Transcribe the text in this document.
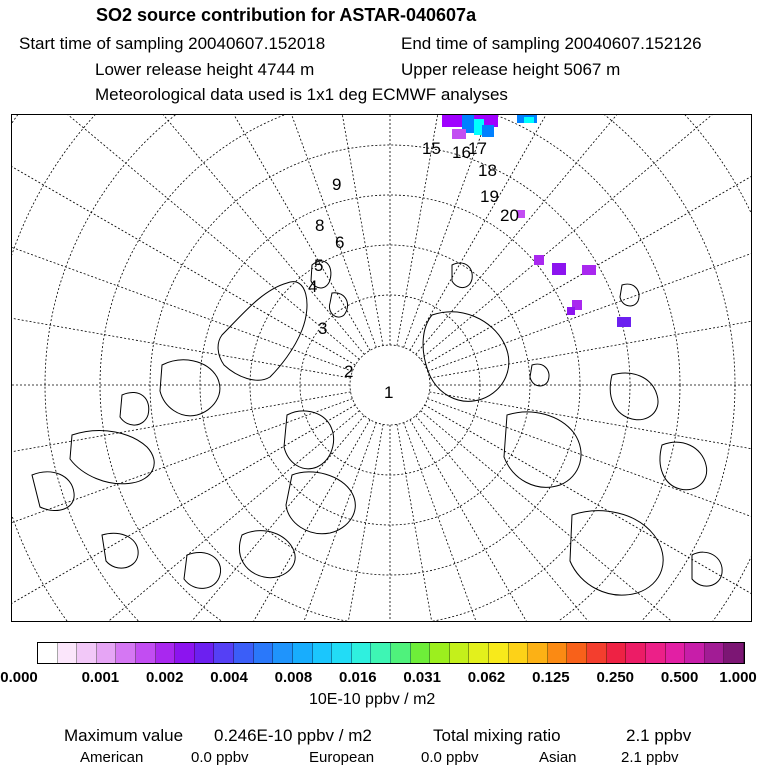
SO2 source contribution for ASTAR-040607a
Start time of sampling 20040607.152018	End time of sampling 20040607.152126
Lower release height 4744 m	Upper release height 5067 m
Meteorological data used is 1x1 deg ECMWF analyses
1
2
3
4
5
6
8
9
15 16
17
18
19
20
0.000	0.001 0.002 0.004 0.008 0.016 0.031 0.062 0.125 0.250 0.500 1.000
10E-10 ppbv / m2
Maximum value 0.246E-10 ppbv / m2	Total mixing ratio	2.1 ppbv
American	0.0 ppbv	European	0.0 ppbv	Asian	2.1 ppbv
